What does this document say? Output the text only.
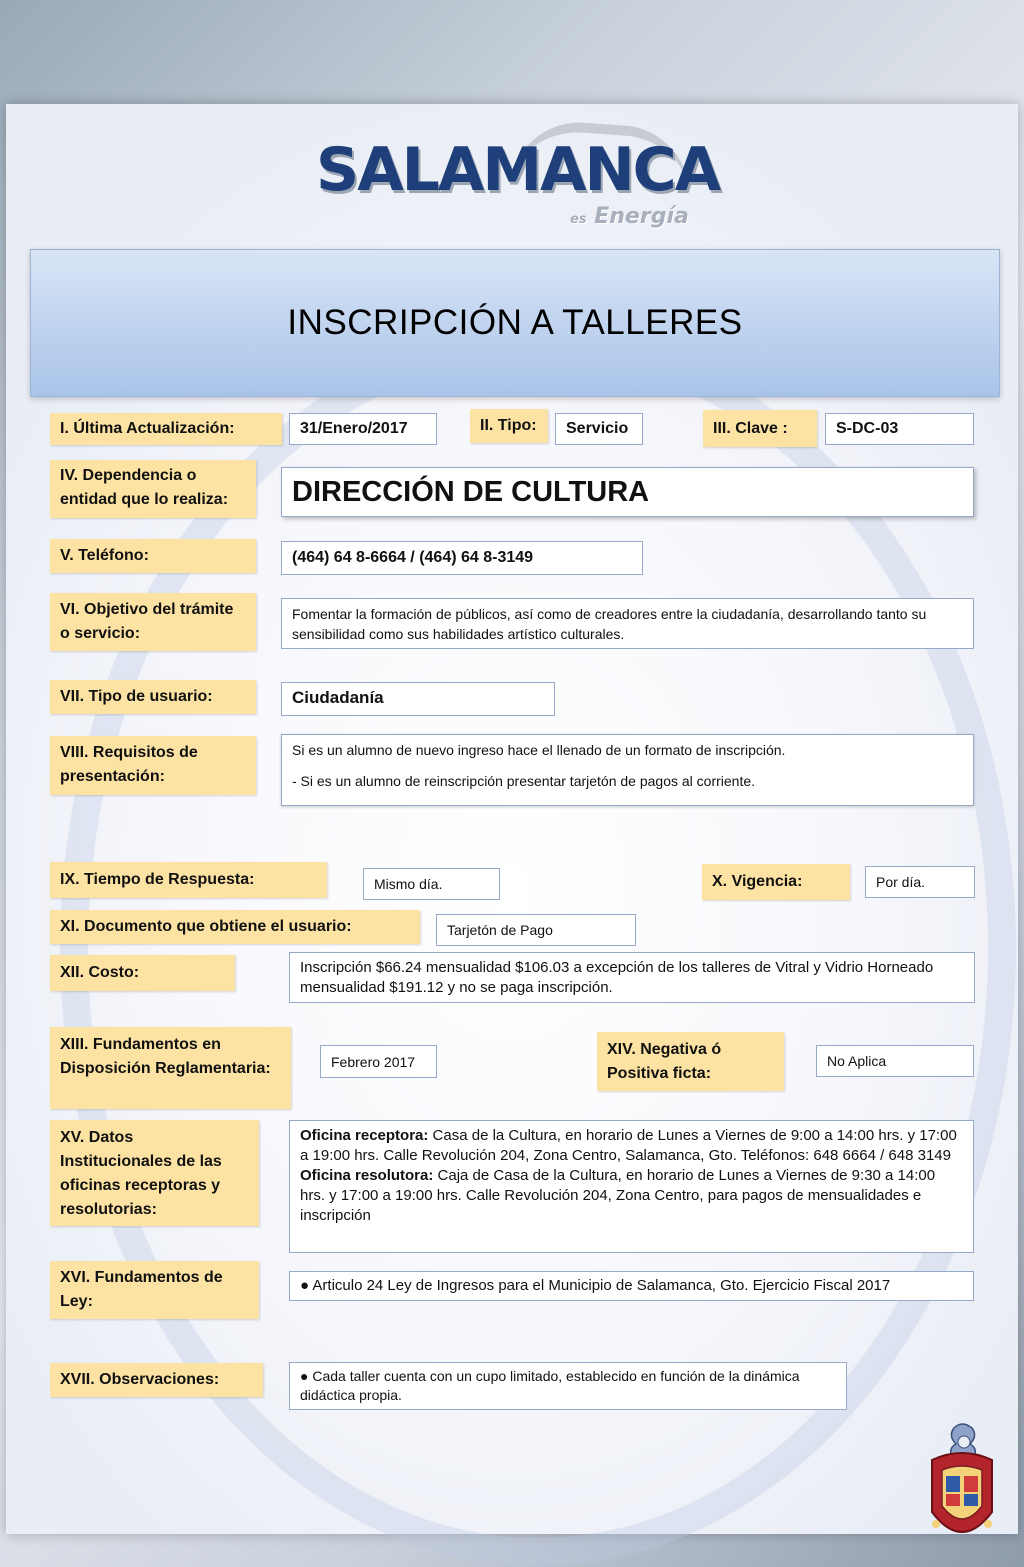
SALAMANCA
es Energía
INSCRIPCIÓN A TALLERES
I. Última Actualización:	31/Enero/2017	II. Tipo:	Servicio	III. Clave :	S-DC-03
IV. Dependencia o entidad que lo realiza:	DIRECCIÓN DE CULTURA
V. Teléfono:	(464) 64 8-6664 / (464) 64 8-3149
VI. Objetivo del trámite o servicio:
Fomentar la formación de públicos, así como de creadores entre la ciudadanía, desarrollando tanto su sensibilidad como sus habilidades artístico culturales.
VII. Tipo de usuario:	Ciudadanía
VIII. Requisitos de presentación:

Si es un alumno de nuevo ingreso hace el llenado de un formato de inscripción.

- Si es un alumno de reinscripción presentar tarjetón de pagos al corriente.

IX. Tiempo de Respuesta:	Mismo día.	X. Vigencia:	Por día.
XI. Documento que obtiene el usuario:	Tarjetón de Pago
XII. Costo:	Inscripción $66.24 mensualidad $106.03 a excepción de los talleres de Vitral y Vidrio Horneado mensualidad $191.12 y no se paga inscripción.
XIII. Fundamentos en Disposición Reglamentaria:	Febrero 2017
XIV. Negativa ó Positiva ficta:
No Aplica
XV. Datos Institucionales de las oficinas receptoras y resolutorias:

Oficina receptora: Casa de la Cultura, en horario de Lunes a Viernes de 9:00 a 14:00 hrs. y 17:00 a 19:00 hrs. Calle Revolución 204, Zona Centro, Salamanca, Gto. Teléfonos: 648 6664 / 648 3149

Oficina resolutora: Caja de Casa de la Cultura, en horario de Lunes a Viernes de 9:30 a 14:00 hrs. y 17:00 a 19:00 hrs. Calle Revolución 204, Zona Centro, para pagos de mensualidades e inscripción

XVI. Fundamentos de Ley:
● Articulo 24 Ley de Ingresos para el Municipio de Salamanca, Gto. Ejercicio Fiscal 2017
XVII. Observaciones:	● Cada taller cuenta con un cupo limitado, establecido en función de la dinámica didáctica propia.
